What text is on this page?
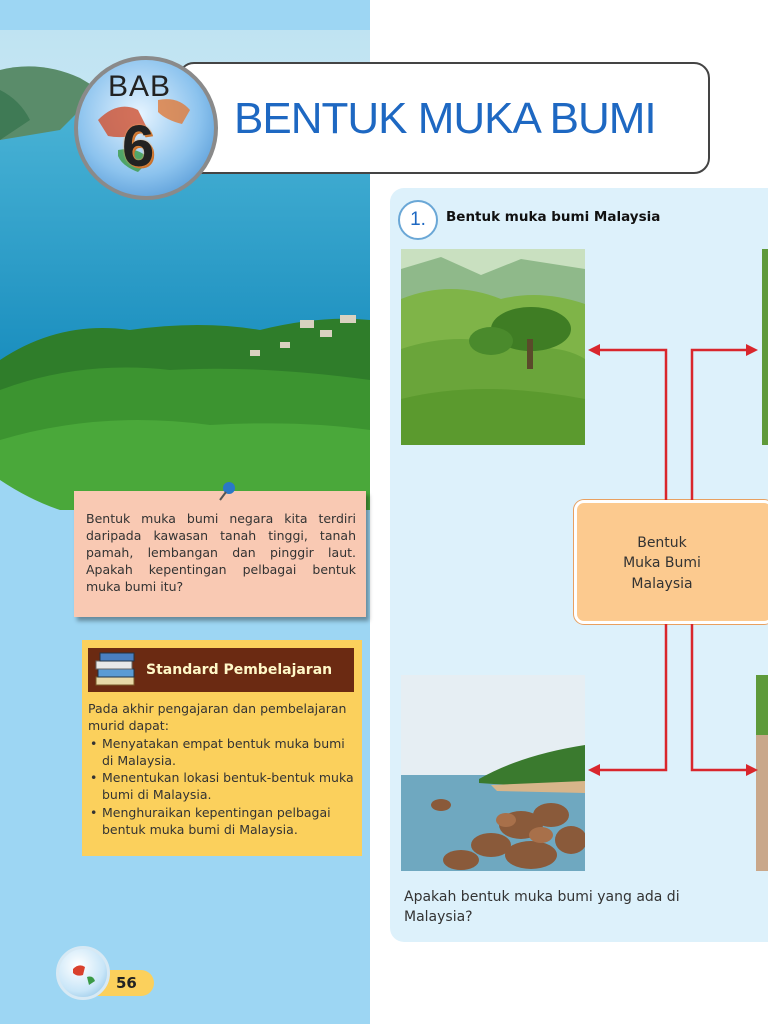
Bentuk muka bumi negara kita terdiri daripada kawasan tanah tinggi, tanah pamah, lembangan dan pinggir laut. Apakah kepentingan pelbagai bentuk muka bumi itu?

Standard Pembelajaran

Pada akhir pengajaran dan pembelajaran murid dapat:

• Menyatakan empat bentuk muka bumi di Malaysia.
• Menentukan lokasi bentuk-bentuk muka bumi di Malaysia.
• Menghuraikan kepentingan pelbagai bentuk muka bumi di Malaysia.
56
BENTUK MUKA BUMI
BAB
6
1.	Bentuk muka bumi Malaysia
Bentuk
Muka Bumi
Malaysia
Apakah bentuk muka bumi yang ada di Malaysia?
